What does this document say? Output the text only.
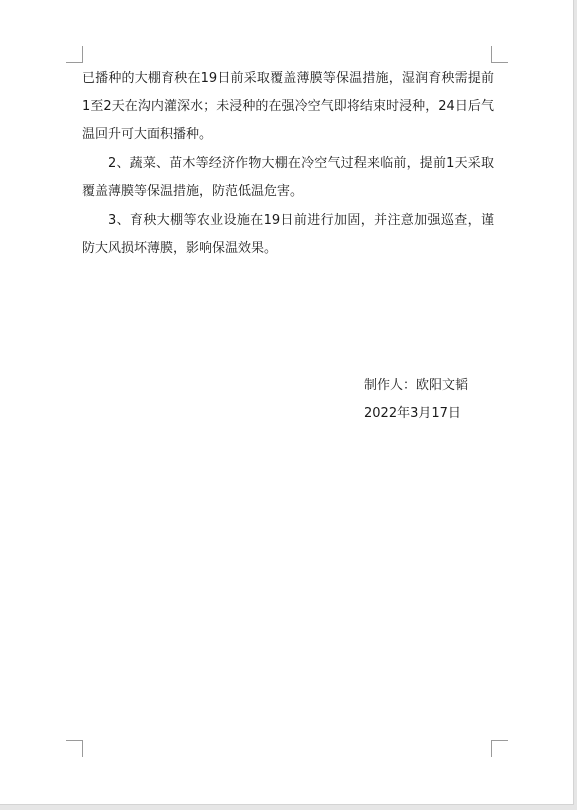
已播种的大棚育秧在19日前采取覆盖薄膜等保温措施，湿润育秧需提前1至2天在沟内灌深水；未浸种的在强冷空气即将结束时浸种，24日后气温回升可大面积播种。

2、蔬菜、苗木等经济作物大棚在冷空气过程来临前，提前1天采取覆盖薄膜等保温措施，防范低温危害。

3、育秧大棚等农业设施在19日前进行加固，并注意加强巡查，谨防大风损坏薄膜，影响保温效果。

制作人：欧阳文韬
2022年3月17日
